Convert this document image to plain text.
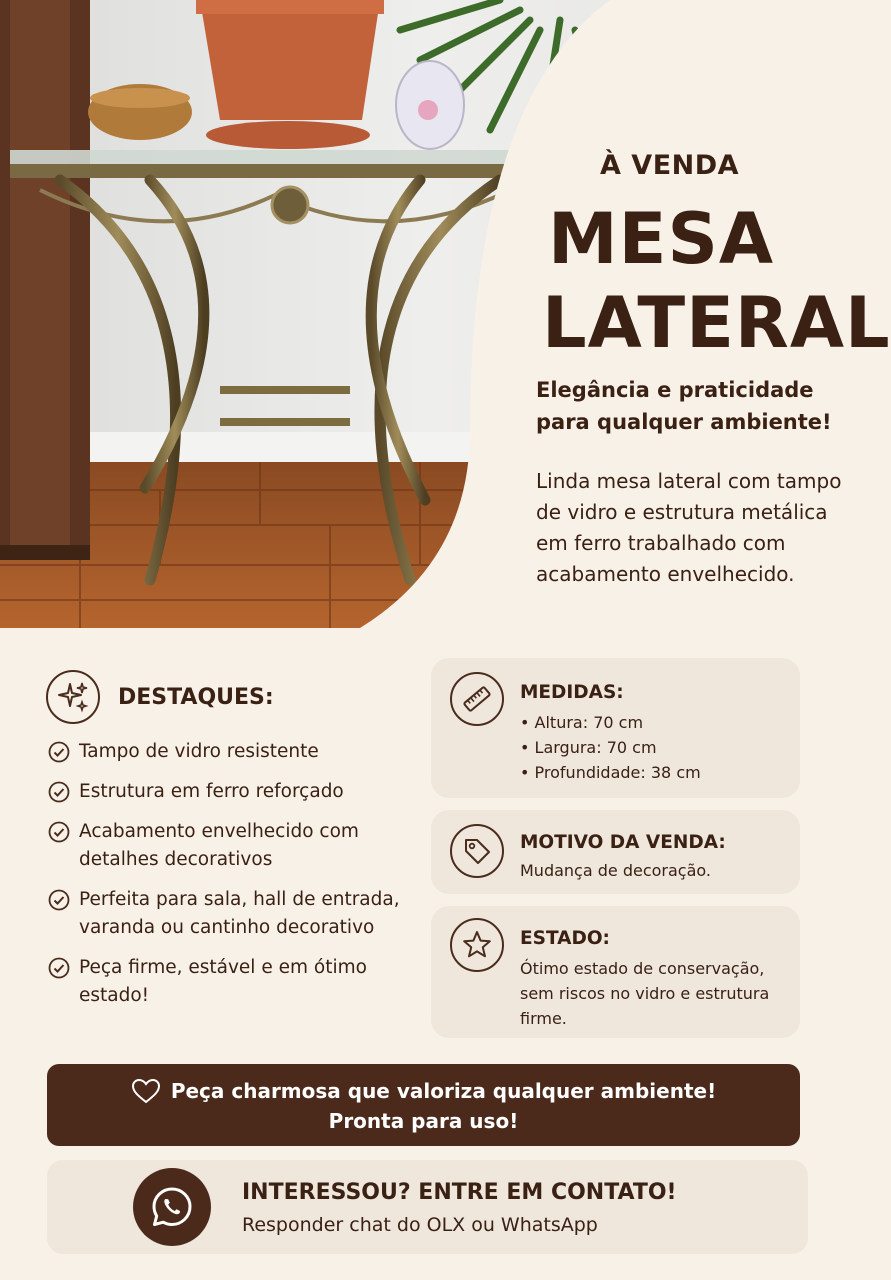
À VENDA
MESA
LATERAL
Elegância e praticidade para qualquer ambiente!
Linda mesa lateral com tampo de vidro e estrutura metálica em ferro trabalhado com acabamento envelhecido.
DESTAQUES:
Tampo de vidro resistente
Estrutura em ferro reforçado
Acabamento envelhecido com detalhes decorativos
Perfeita para sala, hall de entrada, varanda ou cantinho decorativo
Peça firme, estável e em ótimo estado!
MEDIDAS:
• Altura: 70 cm
• Largura: 70 cm
• Profundidade: 38 cm
MOTIVO DA VENDA:
Mudança de decoração.
ESTADO:
Ótimo estado de conservação, sem riscos no vidro e estrutura firme.
Peça charmosa que valoriza qualquer ambiente!
Pronta para uso!
INTERESSOU? ENTRE EM CONTATO!
Responder chat do OLX ou WhatsApp
